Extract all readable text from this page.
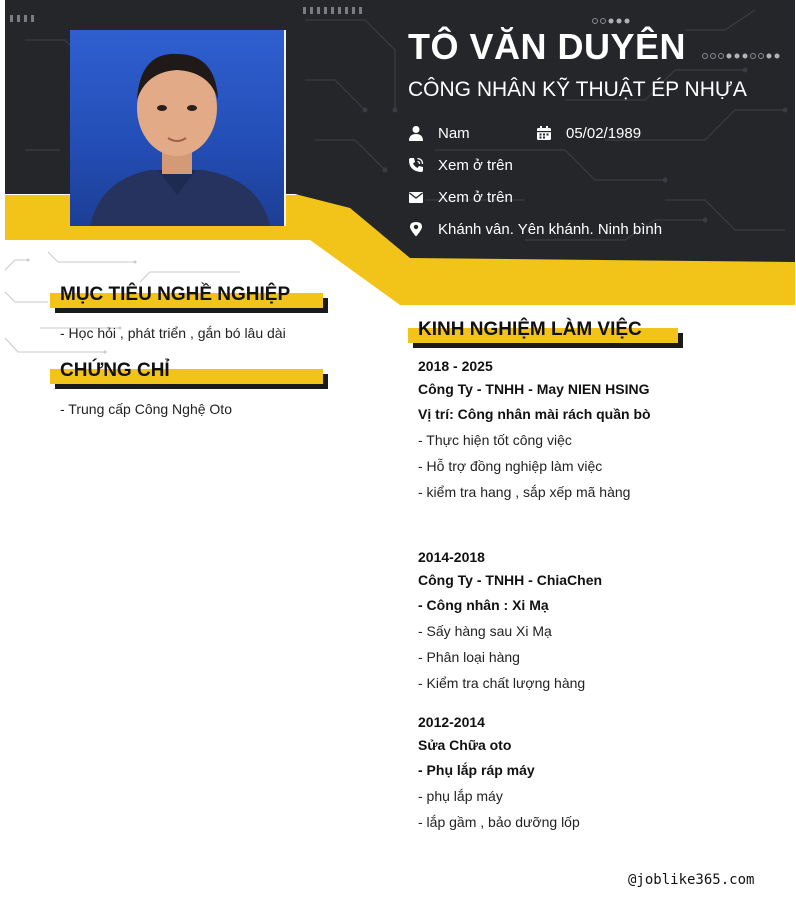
TÔ VĂN DUYÊN
CÔNG NHÂN KỸ THUẬT ÉP NHỰA
Nam	05/02/1989
Xem ở trên
Xem ở trên
Khánh vân. Yên khánh. Ninh bình
MỤC TIÊU NGHỀ NGHIỆP
- Học hỏi , phát triển , gắn bó lâu dài
CHỨNG CHỈ
- Trung cấp Công Nghệ Oto
KINH NGHIỆM LÀM VIỆC
2018 - 2025
Công Ty - TNHH - May NIEN HSING
Vị trí: Công nhân mài rách quần bò
- Thực hiện tốt công việc
- Hỗ trợ đồng nghiệp làm việc
- kiểm tra hang , sắp xếp mã hàng
2014-2018
Công Ty - TNHH - ChiaChen
- Công nhân : Xi Mạ
- Sấy hàng sau Xi Mạ
- Phân loại hàng
- Kiểm tra chất lượng hàng
2012-2014
Sửa Chữa oto
- Phụ lắp ráp máy
- phụ lắp máy
- lắp gầm , bảo dưỡng lốp
@joblike365.com
